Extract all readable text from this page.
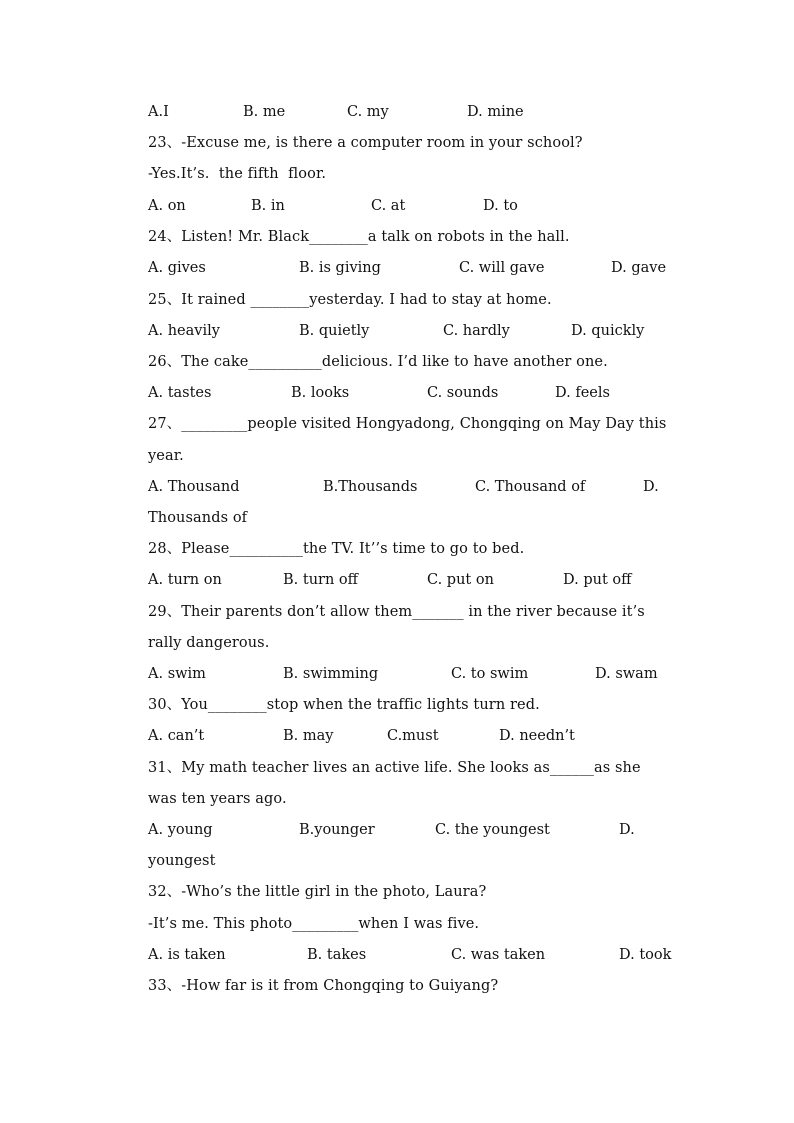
A.I	B. me	C. my	D. mine
23、-Excuse me, is there a computer room in your school?
-Yes.It’s.  the fifth  floor.
A. on	B. in	C. at	D. to
24、Listen! Mr. Black________a talk on robots in the hall.
A. gives	B. is giving	C. will gave	D. gave
25、It rained ________yesterday. I had to stay at home.
A. heavily	B. quietly	C. hardly	D. quickly
26、The cake__________delicious. I’d like to have another one.
A. tastes	B. looks	C. sounds	D. feels
27、_________people visited Hongyadong, Chongqing on May Day this
year.
A. Thousand	B.Thousands	C. Thousand of	D.
Thousands of
28、Please__________the TV. It’’s time to go to bed.
A. turn on	B. turn off	C. put on	D. put off
29、Their parents don’t allow them_______ in the river because it’s
rally dangerous.
A. swim	B. swimming	C. to swim	D. swam
30、You________stop when the traffic lights turn red.
A. can’t	B. may	C.must	D. needn’t
31、My math teacher lives an active life. She looks as______as she
was ten years ago.
A. young	B.younger	C. the youngest	D.
youngest
32、-Who’s the little girl in the photo, Laura?
-It’s me. This photo_________when I was five.
A. is taken	B. takes	C. was taken	D. took
33、-How far is it from Chongqing to Guiyang?
